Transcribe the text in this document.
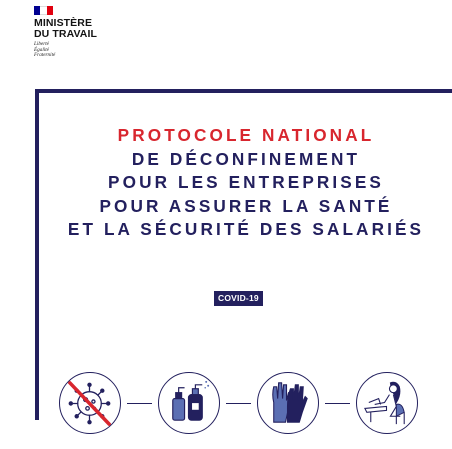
MINISTÈRE
DU TRAVAIL
Liberté
Égalité
Fraternité
PROTOCOLE NATIONAL
DE DÉCONFINEMENT
POUR LES ENTREPRISES
POUR ASSURER LA SANTÉ
ET LA SÉCURITÉ DES SALARIÉS
COVID-19
